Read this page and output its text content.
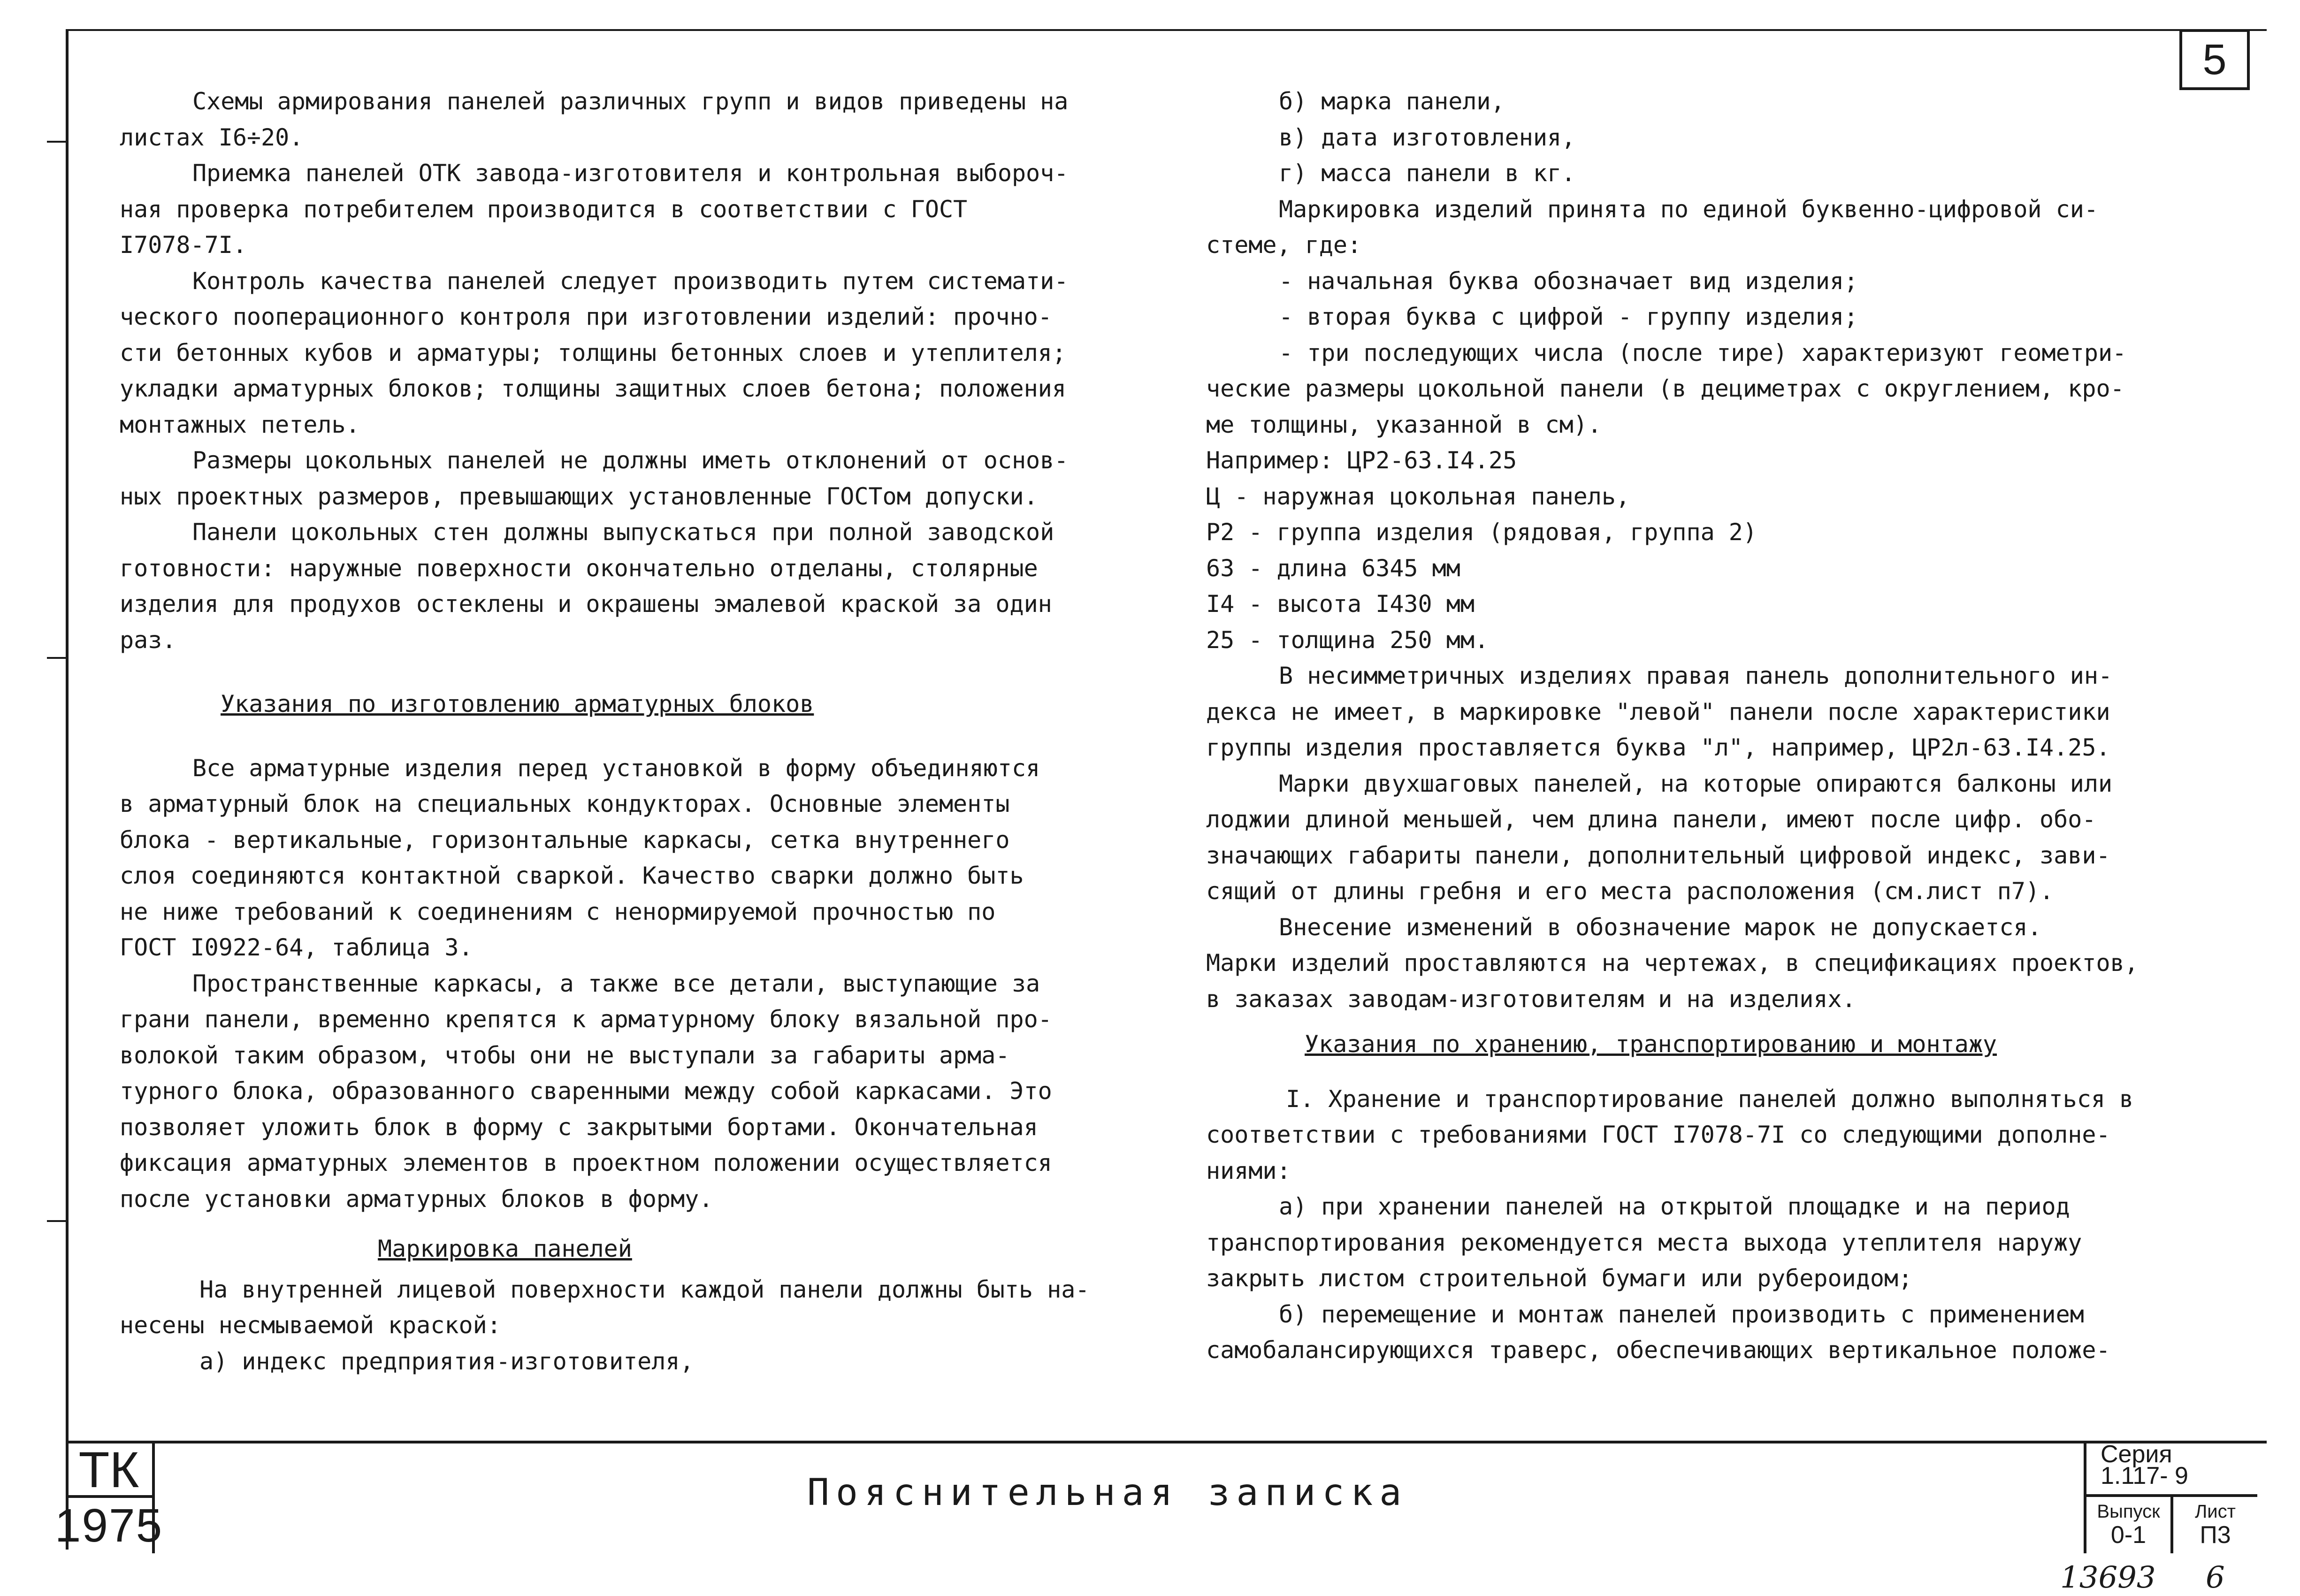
5

Схемы армирования панелей различных групп и видов приведены на

листах I6÷20.

Приемка панелей ОТК завода-изготовителя и контрольная выбороч-

ная проверка потребителем производится в соответствии с ГОСТ

I7078-7I.

Контроль качества панелей следует производить путем системати-

ческого пооперационного контроля при изготовлении изделий: прочно-

сти бетонных кубов и арматуры; толщины бетонных слоев и утеплителя;

укладки арматурных блоков; толщины защитных слоев бетона; положения

монтажных петель.

Размеры цокольных панелей не должны иметь отклонений от основ-

ных проектных размеров, превышающих установленные ГОСТом допуски.

Панели цокольных стен должны выпускаться при полной заводской

готовности: наружные поверхности окончательно отделаны, столярные

изделия для продухов остеклены и окрашены эмалевой краской за один

раз.

Указания по изготовлению арматурных блоков

Все арматурные изделия перед установкой в форму объединяются

в арматурный блок на специальных кондукторах. Основные элементы

блока - вертикальные, горизонтальные каркасы, сетка внутреннего

слоя соединяются контактной сваркой. Качество сварки должно быть

не ниже требований к соединениям с ненормируемой прочностью по

ГОСТ I0922-64, таблица 3.

Пространственные каркасы, а также все детали, выступающие за

грани панели, временно крепятся к арматурному блоку вязальной про-

волокой таким образом, чтобы они не выступали за габариты арма-

турного блока, образованного сваренными между собой каркасами. Это

позволяет уложить блок в форму с закрытыми бортами. Окончательная

фиксация арматурных элементов в проектном положении осуществляется

после установки арматурных блоков в форму.

Маркировка панелей

На внутренней лицевой поверхности каждой панели должны быть на-

несены несмываемой краской:

а) индекс предприятия-изготовителя,

б) марка панели,

в) дата изготовления,

г) масса панели в кг.

Маркировка изделий принята по единой буквенно-цифровой си-

стеме, где:

- начальная буква обозначает вид изделия;

- вторая буква с цифрой - группу изделия;

- три последующих числа (после тире) характеризуют геометри-

ческие размеры цокольной панели (в дециметрах с округлением, кро-

ме толщины, указанной в см).

Например: ЦР2-63.I4.25

Ц - наружная цокольная панель,

Р2 - группа изделия (рядовая, группа 2)

63 - длина 6345 мм

I4 - высота I430 мм

25 - толщина 250 мм.

В несимметричных изделиях правая панель дополнительного ин-

декса не имеет, в маркировке "левой" панели после характеристики

группы изделия проставляется буква "л", например, ЦР2л-63.I4.25.

Марки двухшаговых панелей, на которые опираются балконы или

лоджии длиной меньшей, чем длина панели, имеют после цифр. обо-

значающих габариты панели, дополнительный цифровой индекс, зави-

сящий от длины гребня и его места расположения (см.лист п7).

Внесение изменений в обозначение марок не допускается.

Марки изделий проставляются на чертежах, в спецификациях проектов,

в заказах заводам-изготовителям и на изделиях.

Указания по хранению, транспортированию и монтажу

I. Хранение и транспортирование панелей должно выполняться в

соответствии с требованиями ГОСТ I7078-7I со следующими дополне-

ниями:

а) при хранении панелей на открытой площадке и на период

транспортирования рекомендуется места выхода утеплителя наружу

закрыть листом строительной бумаги или рубероидом;

б) перемещение и монтаж панелей производить с применением

самобалансирующихся траверс, обеспечивающих вертикальное положе-

ТК
1975
Пояснительная записка
Серия
1.117- 9
Выпуск
0-1
Лист
П3
13693 6
